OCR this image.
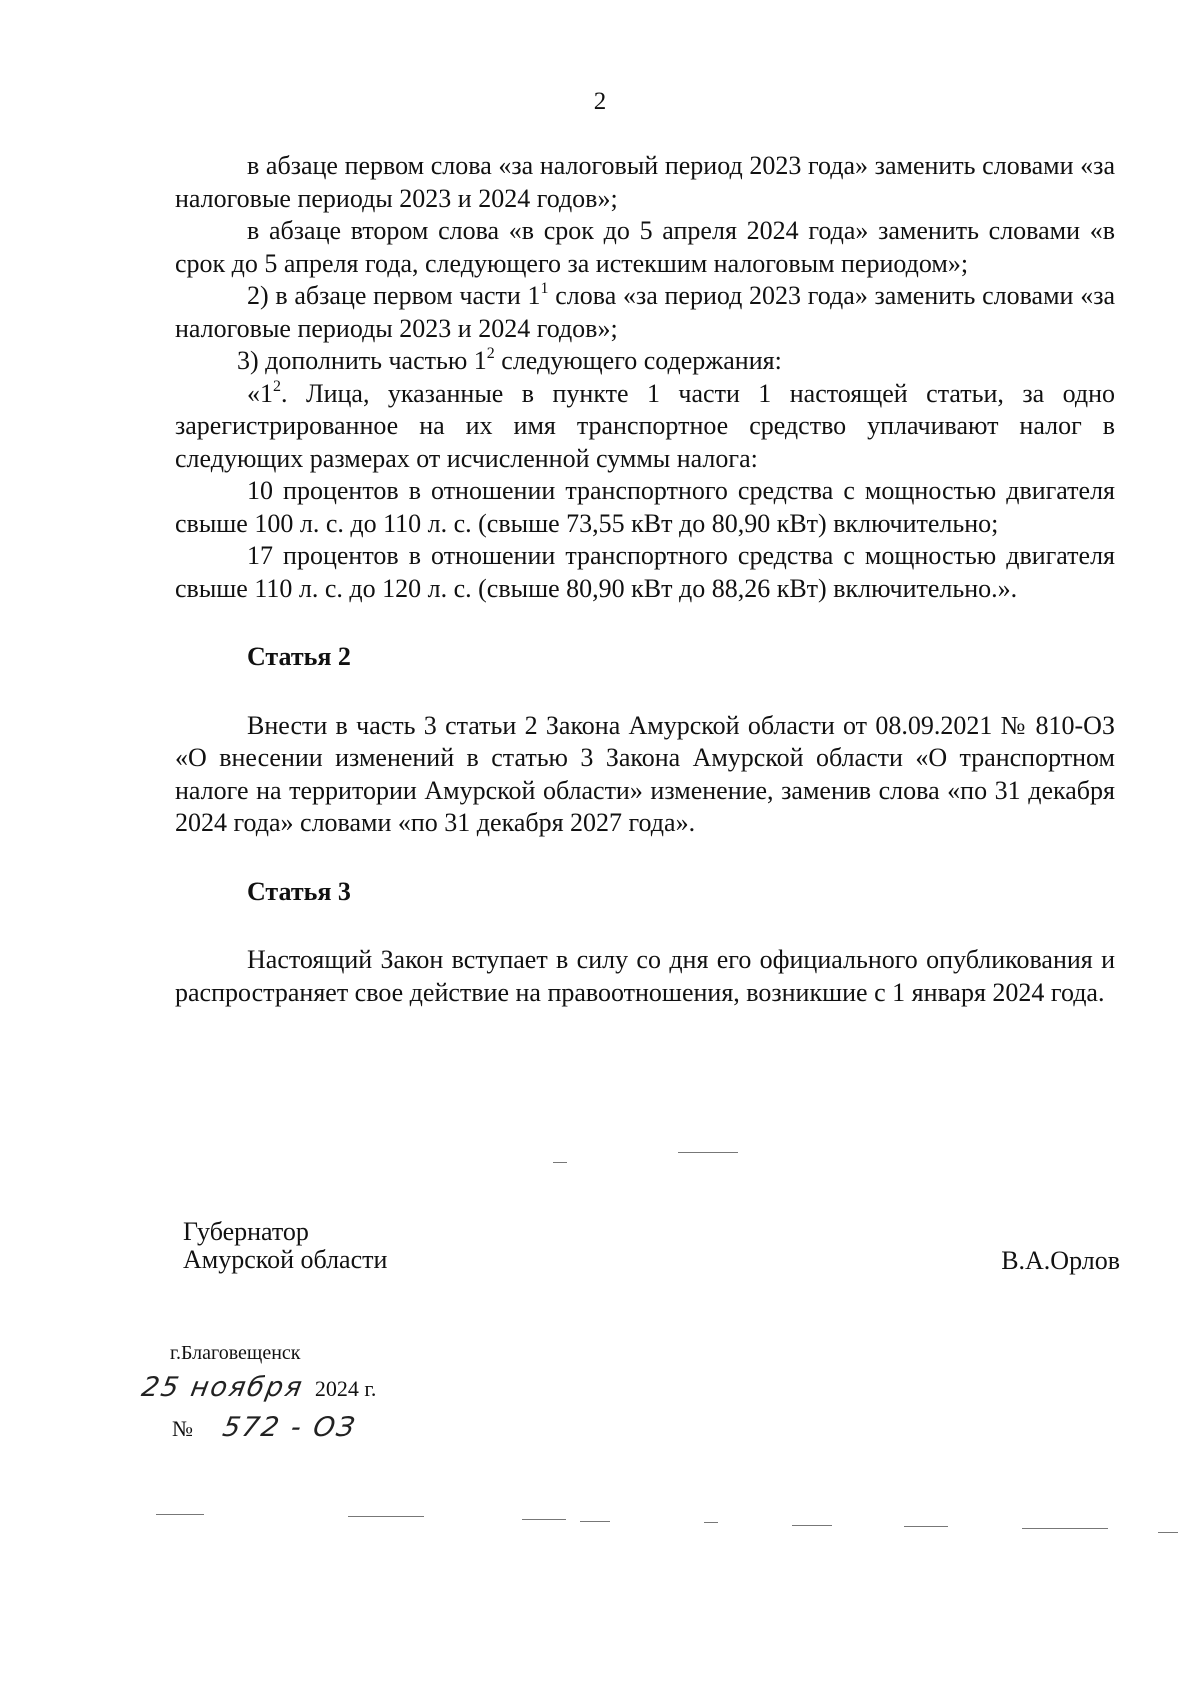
2

в абзаце первом слова «за налоговый период 2023 года» заменить словами «за налоговые периоды 2023 и 2024 годов»;

в абзаце втором слова «в срок до 5 апреля 2024 года» заменить словами «в срок до 5 апреля года, следующего за истекшим налоговым периодом»;

2) в абзаце первом части $1^1$ слова «за период 2023 года» заменить словами «за налоговые периоды 2023 и 2024 годов»;

3) дополнить частью $1^2$ следующего содержания:

«$1^2$. Лица, указанные в пункте 1 части 1 настоящей статьи, за одно зарегистрированное на их имя транспортное средство уплачивают налог в следующих размерах от исчисленной суммы налога:

10 процентов в отношении транспортного средства с мощностью двигателя свыше 100 л. с. до 110 л. с. (свыше 73,55 кВт до 80,90 кВт) включительно;

17 процентов в отношении транспортного средства с мощностью двигателя свыше 110 л. с. до 120 л. с. (свыше 80,90 кВт до 88,26 кВт) включительно.».

Статья 2

Внести в часть 3 статьи 2 Закона Амурской области от 08.09.2021 № 810-ОЗ «О внесении изменений в статью 3 Закона Амурской области «О транспортном налоге на территории Амурской области» изменение, заменив слова «по 31 декабря 2024 года» словами «по 31 декабря 2027 года».

Статья 3

Настоящий Закон вступает в силу со дня его официального опубликования и распространяет свое действие на правоотношения, возникшие с 1 января 2024 года.

Губернатор
Амурской области	В.А.Орлов
г.Благовещенск
25 ноября 2024 г.
№ 572 - ОЗ
